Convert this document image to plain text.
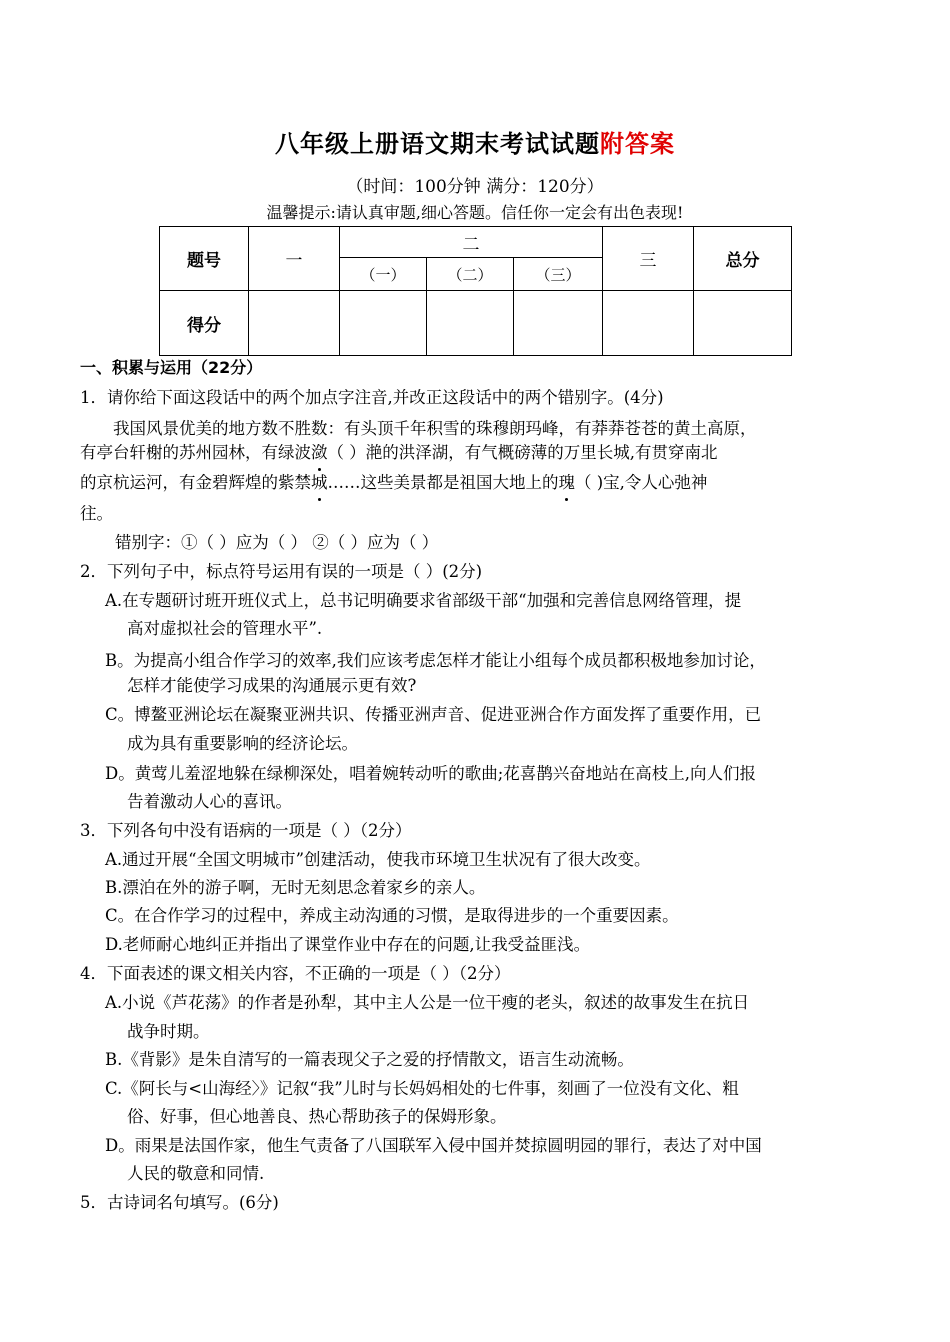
八年级上册语文期末考试试题附答案
（时间：100分钟 满分：120分）
温馨提示:请认真审题,细心答题。信任你一定会有出色表现!
题号	一	二			三	总分
		（一）	（二）	（三）		
得分						
一、积累与运用（22分）
1．请你给下面这段话中的两个加点字注音,并改正这段话中的两个错别字。(4分)
我国风景优美的地方数不胜数：有头顶千年积雪的珠穆朗玛峰，有莽莽苍苍的黄土高原，
有亭台轩榭的苏州园林，有绿波潋（ ）滟的洪泽湖，有气概磅薄的万里长城,有贯穿南北
的京杭运河，有金碧辉煌的紫禁城……这些美景都是祖国大地上的瑰（ )宝,令人心弛神
往。
错别字：①（ ）应为（ ） ②（ ）应为（ ）
2．下列句子中，标点符号运用有误的一项是（ ）(2分)
A.在专题研讨班开班仪式上，总书记明确要求省部级干部“加强和完善信息网络管理，提
高对虚拟社会的管理水平”.
B。为提高小组合作学习的效率,我们应该考虑怎样才能让小组每个成员都积极地参加讨论，
怎样才能使学习成果的沟通展示更有效?
C。博鳌亚洲论坛在凝聚亚洲共识、传播亚洲声音、促进亚洲合作方面发挥了重要作用，已
成为具有重要影响的经济论坛。
D。黄莺儿羞涩地躲在绿柳深处，唱着婉转动听的歌曲;花喜鹊兴奋地站在高枝上,向人们报
告着激动人心的喜讯。
3．下列各句中没有语病的一项是（ ）（2分）
A.通过开展“全国文明城市”创建活动，使我市环境卫生状况有了很大改变。
B.漂泊在外的游子啊，无时无刻思念着家乡的亲人。
C。在合作学习的过程中，养成主动沟通的习惯，是取得进步的一个重要因素。
D.老师耐心地纠正并指出了课堂作业中存在的问题,让我受益匪浅。
4．下面表述的课文相关内容，不正确的一项是（ ）（2分）
A.小说《芦花荡》的作者是孙犁，其中主人公是一位干瘦的老头，叙述的故事发生在抗日
战争时期。
B.《背影》是朱自清写的一篇表现父子之爱的抒情散文，语言生动流畅。
C.《阿长与<山海经〉》记叙“我”儿时与长妈妈相处的七件事，刻画了一位没有文化、粗
俗、好事，但心地善良、热心帮助孩子的保姆形象。
D。雨果是法国作家，他生气责备了八国联军入侵中国并焚掠圆明园的罪行，表达了对中国
人民的敬意和同情.
5．古诗词名句填写。(6分)
